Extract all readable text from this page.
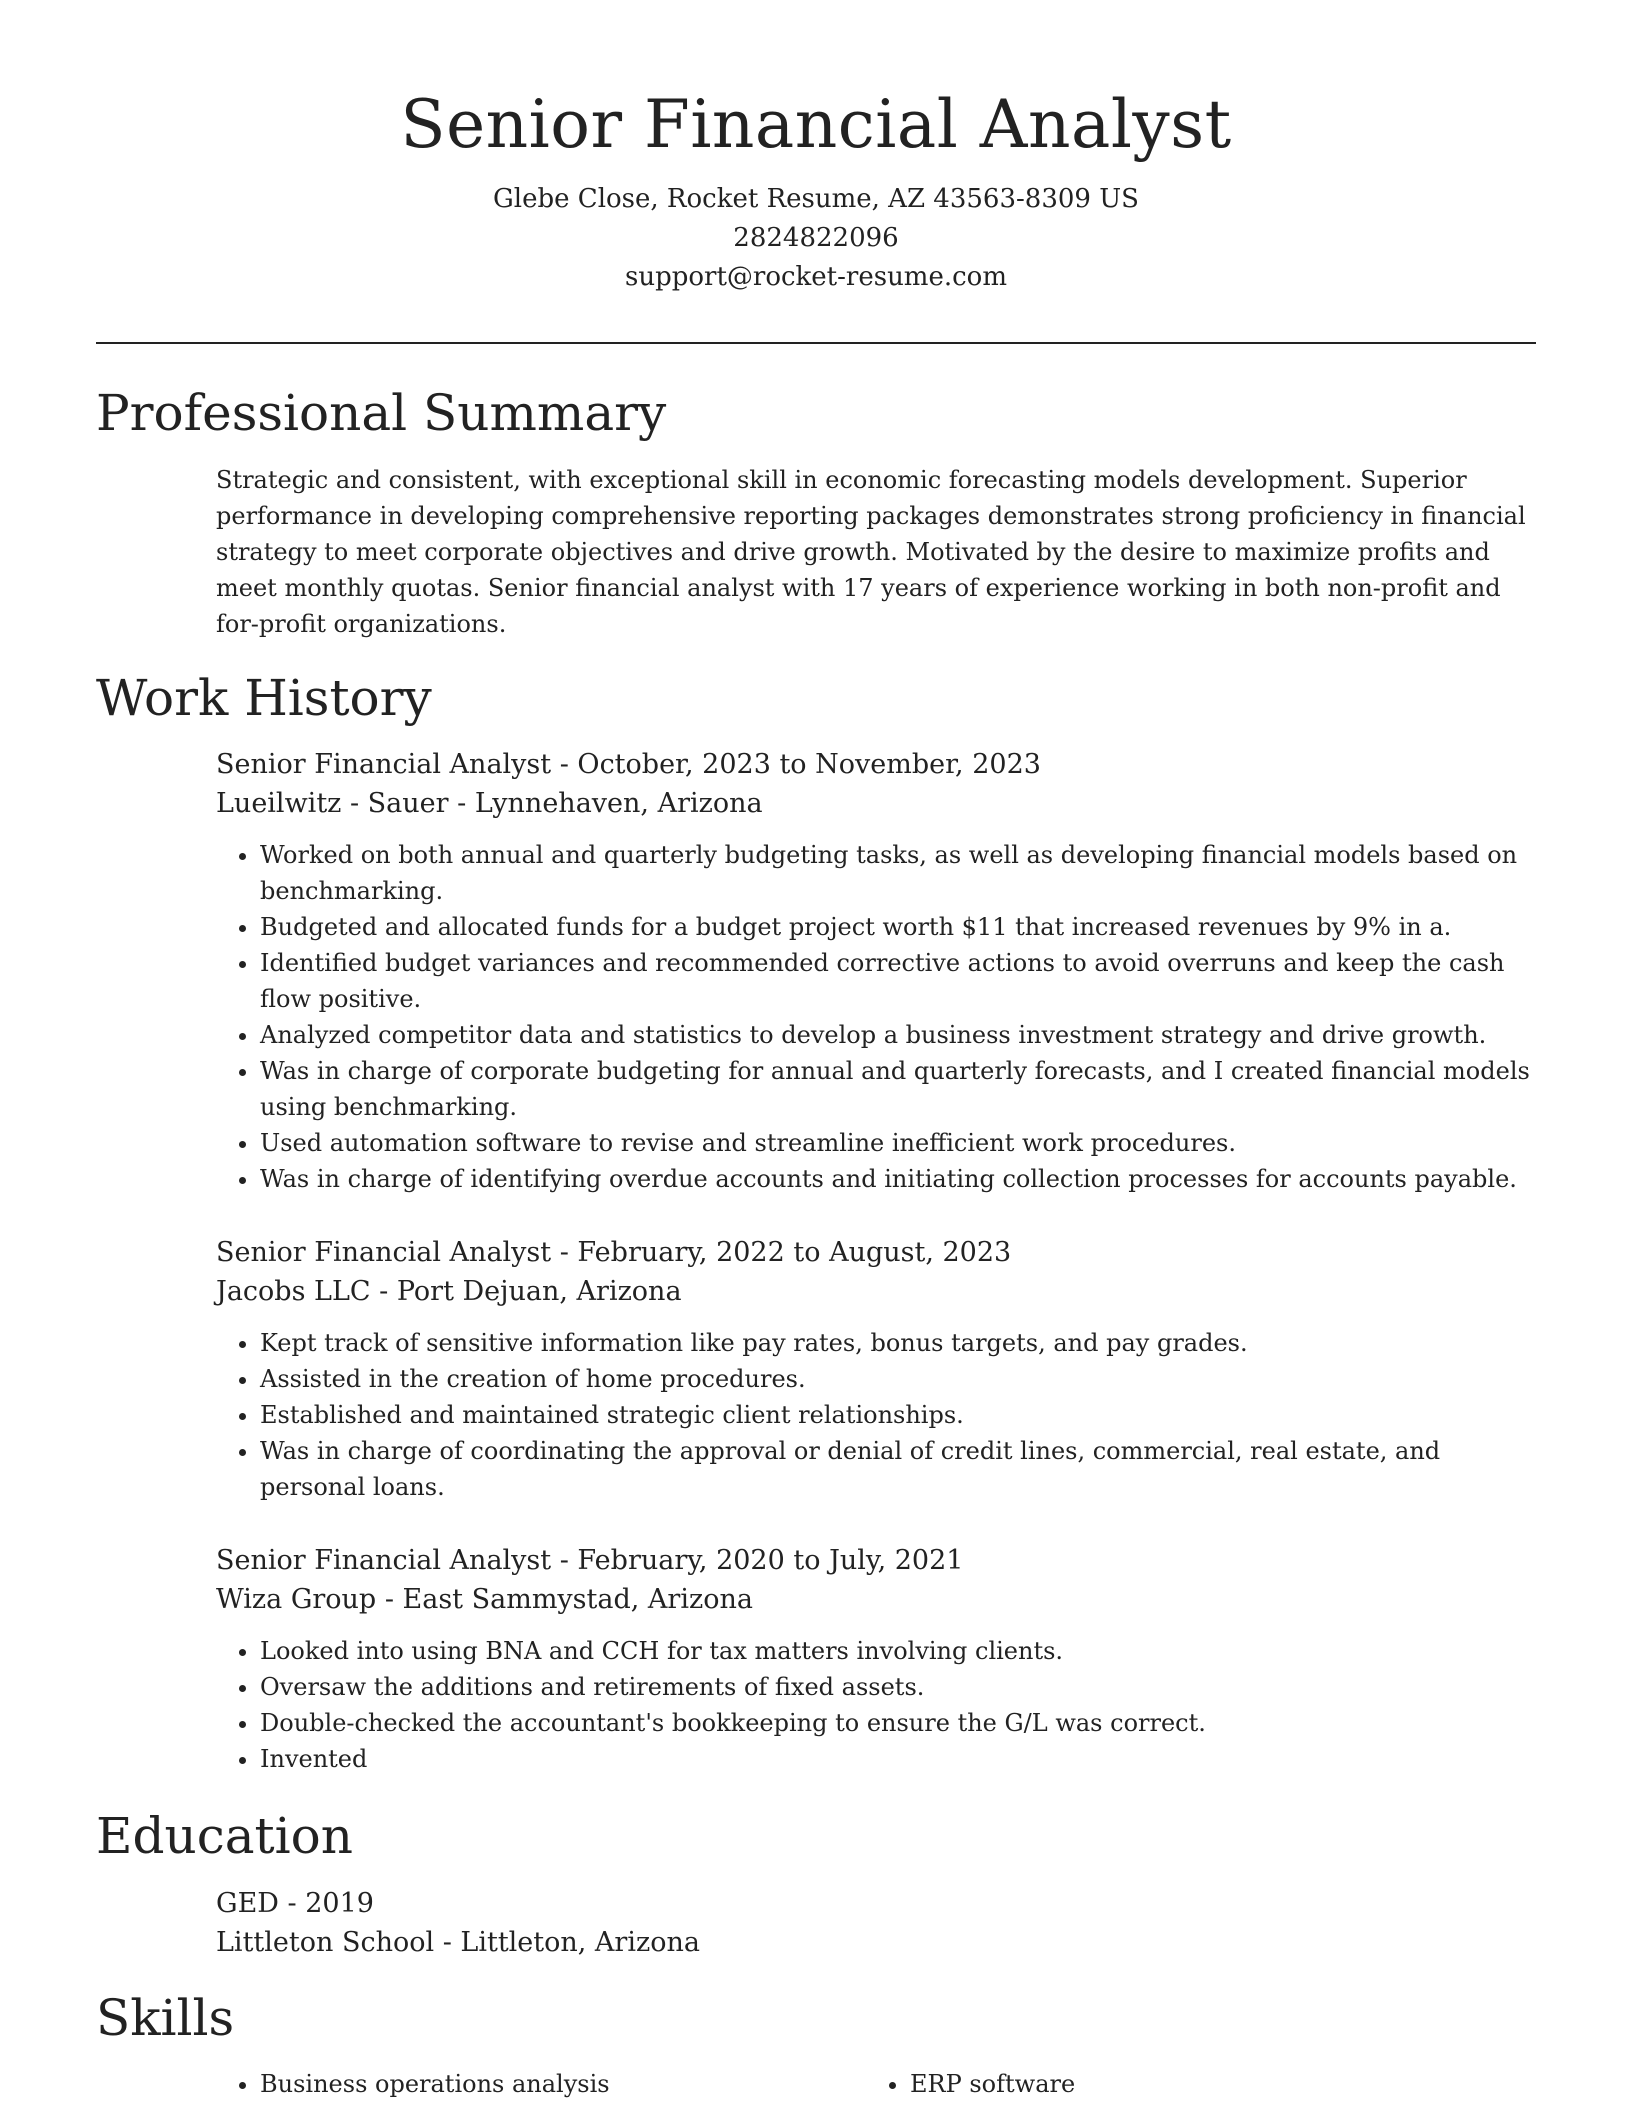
Senior Financial Analyst

Glebe Close, Rocket Resume, AZ 43563-8309 US

2824822096

support@rocket-resume.com

Professional Summary

Strategic and consistent, with exceptional skill in economic forecasting models development. Superior performance in developing comprehensive reporting packages demonstrates strong proficiency in financial strategy to meet corporate objectives and drive growth. Motivated by the desire to maximize profits and meet monthly quotas. Senior financial analyst with 17 years of experience working in both non-profit and for-profit organizations.

Work History

Senior Financial Analyst - October, 2023 to November, 2023

Lueilwitz - Sauer - Lynnehaven, Arizona

• Worked on both annual and quarterly budgeting tasks, as well as developing financial models based on benchmarking.
• Budgeted and allocated funds for a budget project worth $11 that increased revenues by 9% in a.
• Identified budget variances and recommended corrective actions to avoid overruns and keep the cash flow positive.
• Analyzed competitor data and statistics to develop a business investment strategy and drive growth.
• Was in charge of corporate budgeting for annual and quarterly forecasts, and I created financial models using benchmarking.
• Used automation software to revise and streamline inefficient work procedures.
• Was in charge of identifying overdue accounts and initiating collection processes for accounts payable.

Senior Financial Analyst - February, 2022 to August, 2023

Jacobs LLC - Port Dejuan, Arizona

• Kept track of sensitive information like pay rates, bonus targets, and pay grades.
• Assisted in the creation of home procedures.
• Established and maintained strategic client relationships.
• Was in charge of coordinating the approval or denial of credit lines, commercial, real estate, and personal loans.

Senior Financial Analyst - February, 2020 to July, 2021

Wiza Group - East Sammystad, Arizona

• Looked into using BNA and CCH for tax matters involving clients.
• Oversaw the additions and retirements of fixed assets.
• Double-checked the accountant's bookkeeping to ensure the G/L was correct.
• Invented
Education

GED - 2019

Littleton School - Littleton, Arizona

Skills
• Business operations analysis
•	ERP software
